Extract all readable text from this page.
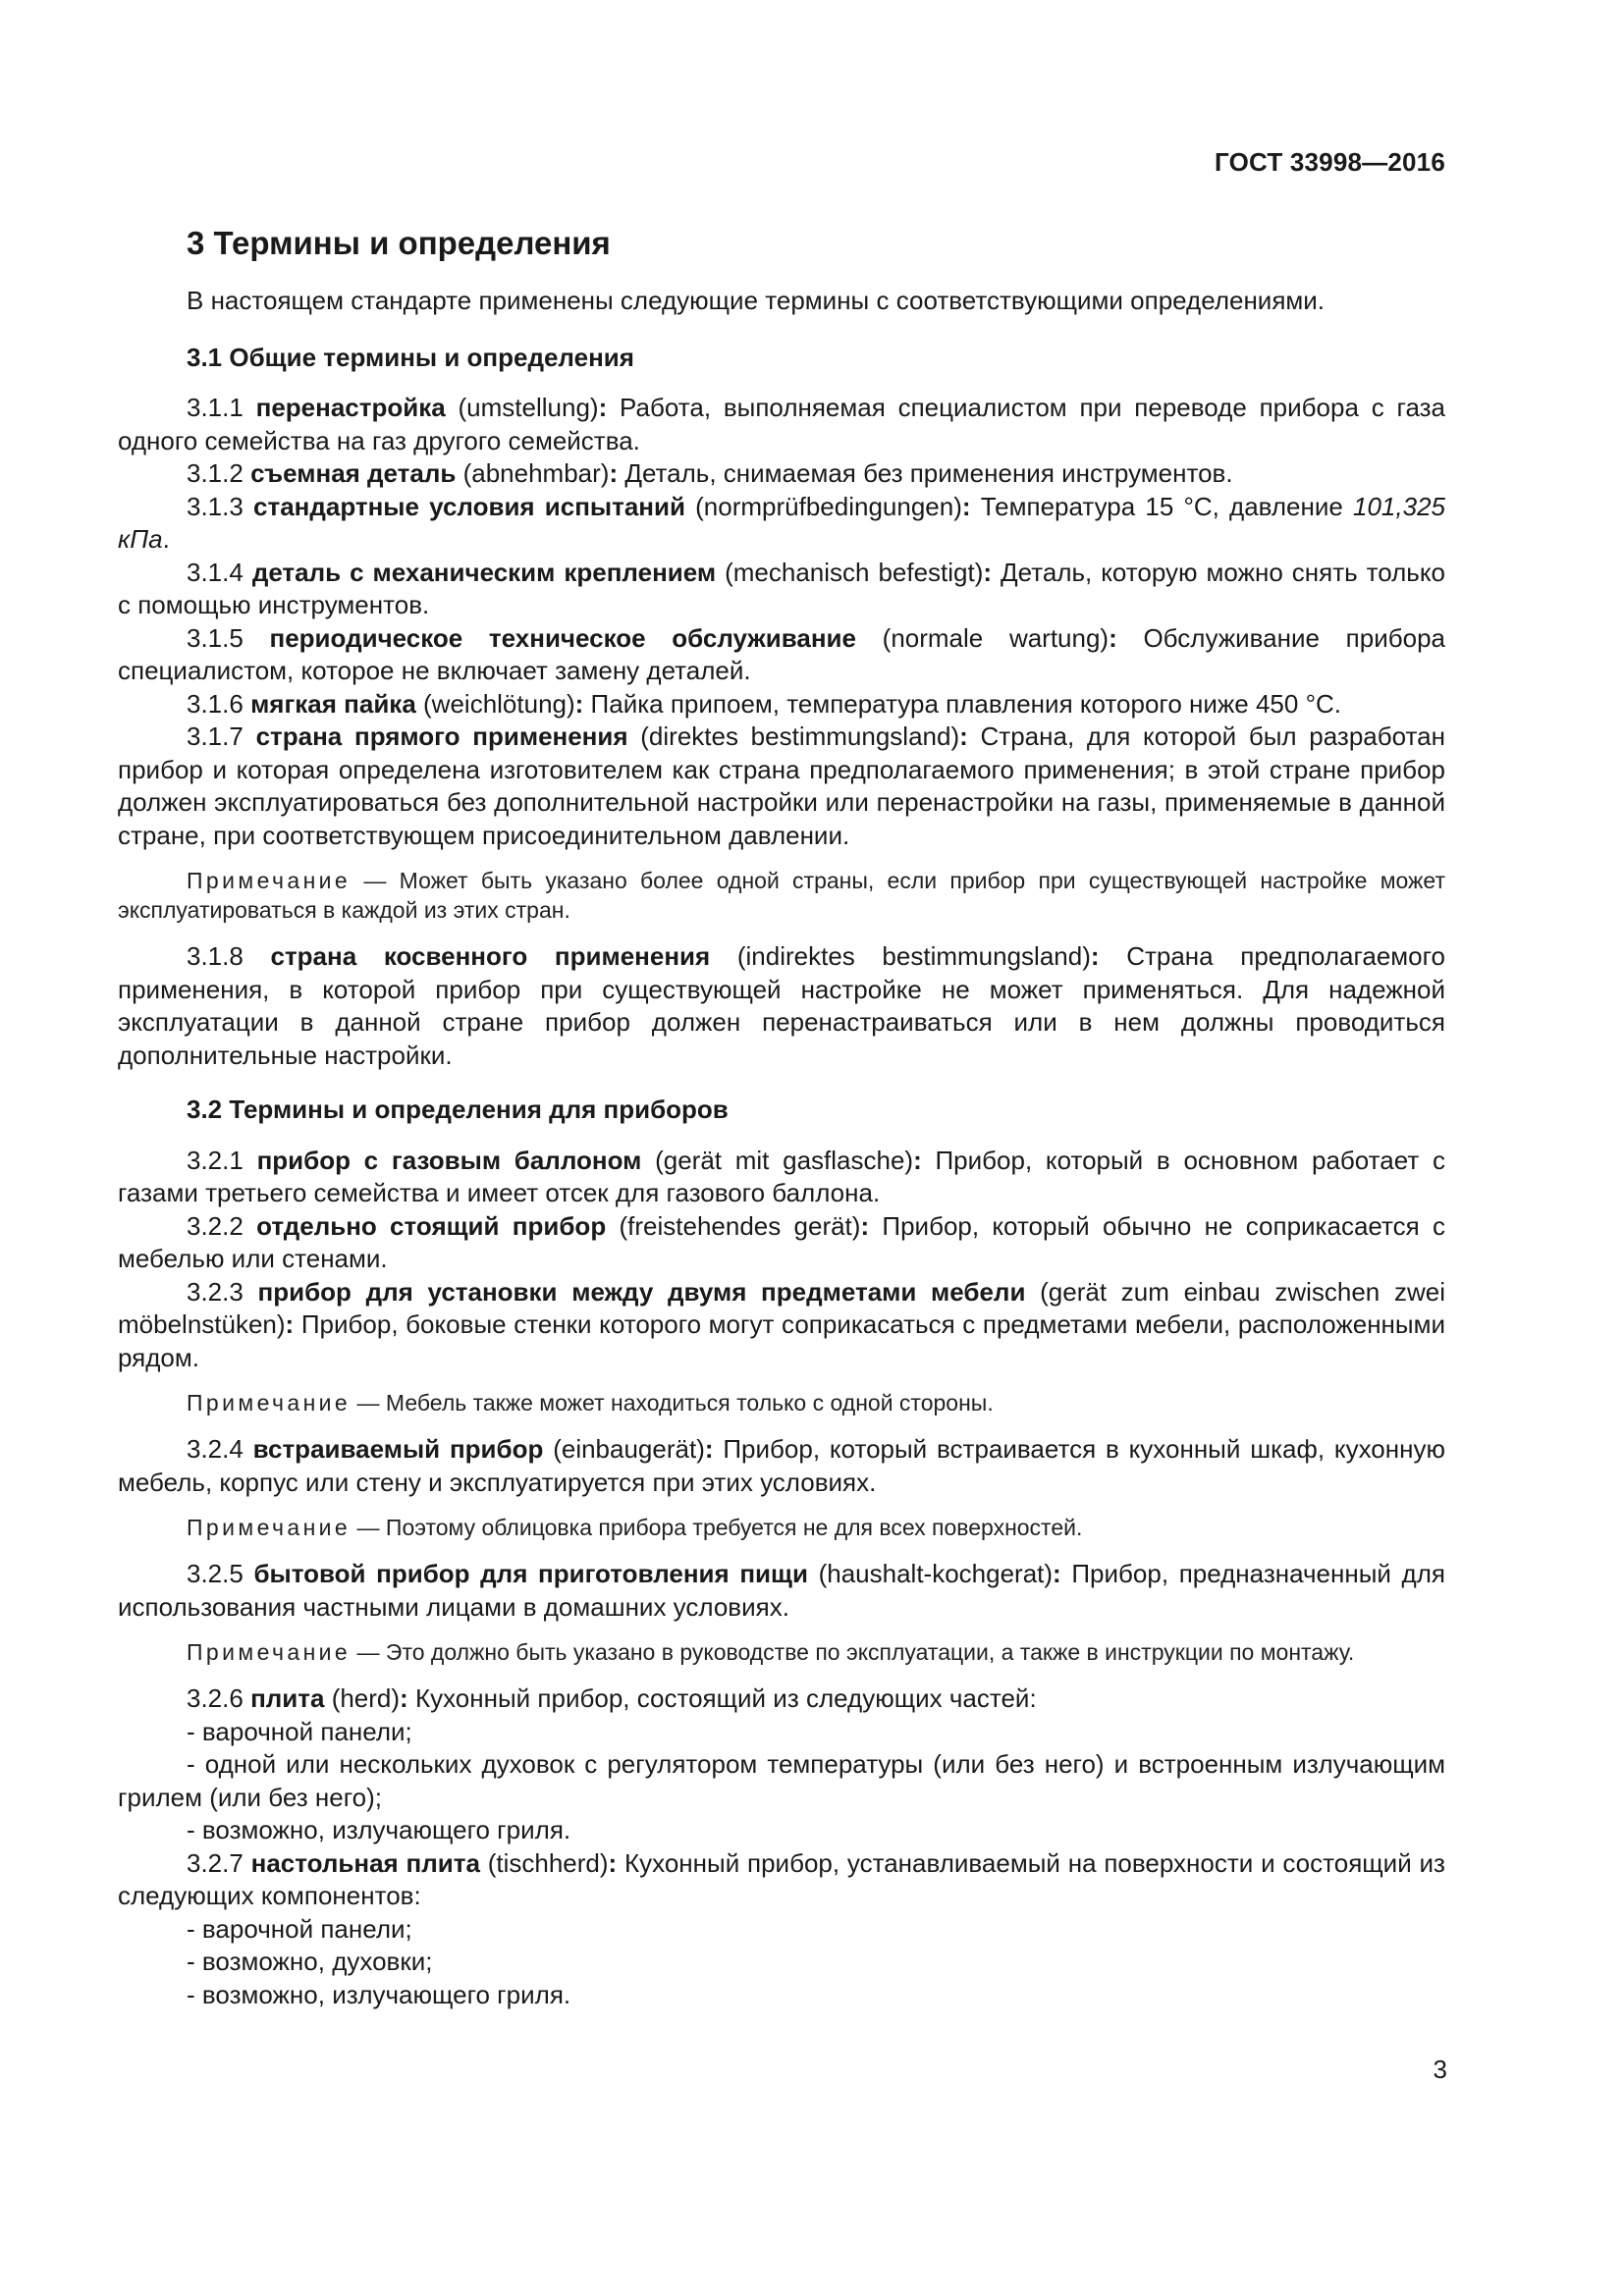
ГОСТ 33998—2016
3 Термины и определения

В настоящем стандарте применены следующие термины с соответствующими определениями.

3.1 Общие термины и определения

3.1.1 перенастройка (umstellung): Работа, выполняемая специалистом при переводе прибора с газа одного семейства на газ другого семейства.

3.1.2 съемная деталь (abnehmbar): Деталь, снимаемая без применения инструментов.

3.1.3 стандартные условия испытаний (normprüfbedingungen): Температура 15 °С, давление 101,325 кПа.

3.1.4 деталь с механическим креплением (mechanisch befestigt): Деталь, которую можно снять только с помощью инструментов.

3.1.5 периодическое техническое обслуживание (normale wartung): Обслуживание прибора специалистом, которое не включает замену деталей.

3.1.6 мягкая пайка (weichlötung): Пайка припоем, температура плавления которого ниже 450 °С.

3.1.7 страна прямого применения (direktes bestimmungsland): Страна, для которой был разработан прибор и которая определена изготовителем как страна предполагаемого применения; в этой стране прибор должен эксплуатироваться без дополнительной настройки или перенастройки на газы, применяемые в данной стране, при соответствующем присоединительном давлении.

Примечание — Может быть указано более одной страны, если прибор при существующей настройке может эксплуатироваться в каждой из этих стран.

3.1.8 страна косвенного применения (indirektes bestimmungsland): Страна предполагаемого применения, в которой прибор при существующей настройке не может применяться. Для надежной эксплуатации в данной стране прибор должен перенастраиваться или в нем должны проводиться дополнительные настройки.

3.2 Термины и определения для приборов

3.2.1 прибор с газовым баллоном (gerät mit gasflasche): Прибор, который в основном работает с газами третьего семейства и имеет отсек для газового баллона.

3.2.2 отдельно стоящий прибор (freistehendes gerät): Прибор, который обычно не соприкасается с мебелью или стенами.

3.2.3 прибор для установки между двумя предметами мебели (gerät zum einbau zwischen zwei möbelnstüken): Прибор, боковые стенки которого могут соприкасаться с предметами мебели, расположенными рядом.

Примечание — Мебель также может находиться только с одной стороны.

3.2.4 встраиваемый прибор (einbaugerät): Прибор, который встраивается в кухонный шкаф, кухонную мебель, корпус или стену и эксплуатируется при этих условиях.

Примечание — Поэтому облицовка прибора требуется не для всех поверхностей.

3.2.5 бытовой прибор для приготовления пищи (haushalt-kochgerat): Прибор, предназначенный для использования частными лицами в домашних условиях.

Примечание — Это должно быть указано в руководстве по эксплуатации, а также в инструкции по монтажу.

3.2.6 плита (herd): Кухонный прибор, состоящий из следующих частей:

- варочной панели;

- одной или нескольких духовок с регулятором температуры (или без него) и встроенным излучающим грилем (или без него);

- возможно, излучающего гриля.

3.2.7 настольная плита (tischherd): Кухонный прибор, устанавливаемый на поверхности и состоящий из следующих компонентов:

- варочной панели;

- возможно, духовки;

- возможно, излучающего гриля.

3
